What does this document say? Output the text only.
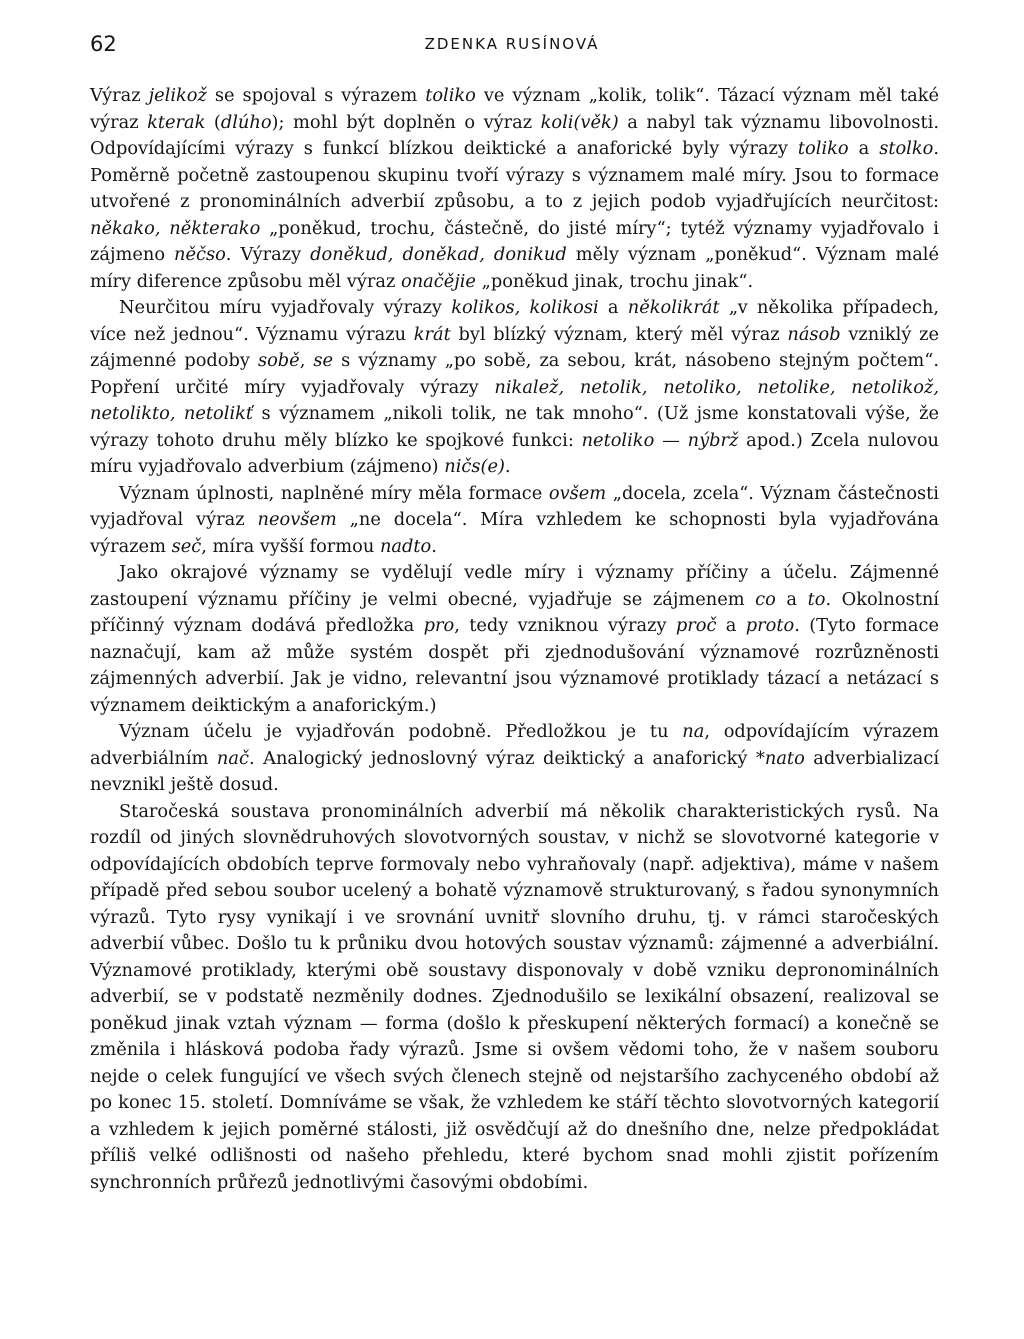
62	ZDENKA RUSÍNOVÁ

Výraz jelikož se spojoval s výrazem toliko ve význam „kolik, tolik“. Tázací význam měl také výraz kterak (dlúho); mohl být doplněn o výraz koli(věk) a nabyl tak významu libovolnosti. Odpovídajícími výrazy s funkcí blízkou deiktické a anaforické byly výrazy toliko a stolko. Poměrně početně zastoupenou skupinu tvoří výrazy s významem malé míry. Jsou to formace utvořené z pronominálních adverbií způsobu, a to z jejich podob vyjadřujících neurčitost: někako, některako „poněkud, trochu, částečně, do jisté míry“; tytéž významy vyjadřovalo i zájmeno něčso. Výrazy doněkud, doněkad, donikud měly význam „poněkud“. Význam malé míry diference způsobu měl výraz onačějie „poněkud jinak, trochu jinak“.

Neurčitou míru vyjadřovaly výrazy kolikos, kolikosi a několikrát „v několika případech, více než jednou“. Významu výrazu krát byl blízký význam, který měl výraz násob vzniklý ze zájmenné podoby sobě, se s významy „po sobě, za sebou, krát, násobeno stejným počtem“. Popření určité míry vyjadřovaly výrazy nikalež, netolik, netoliko, netolike, netolikož, netolikto, netolikť s významem „nikoli tolik, ne tak mnoho“. (Už jsme konstatovali výše, že výrazy tohoto druhu měly blízko ke spojkové funkci: netoliko — nýbrž apod.) Zcela nulovou míru vyjadřovalo adverbium (zájmeno) ničs(e).

Význam úplnosti, naplněné míry měla formace ovšem „docela, zcela“. Význam částečnosti vyjadřoval výraz neovšem „ne docela“. Míra vzhledem ke schopnosti byla vyjadřována výrazem seč, míra vyšší formou nadto.

Jako okrajové významy se vydělují vedle míry i významy příčiny a účelu. Zájmenné zastoupení významu příčiny je velmi obecné, vyjadřuje se zájmenem co a to. Okolnostní příčinný význam dodává předložka pro, tedy vzniknou výrazy proč a proto. (Tyto formace naznačují, kam až může systém dospět při zjednodušování významové rozrůzněnosti zájmenných adverbií. Jak je vidno, relevantní jsou významové protiklady tázací a netázací s významem deiktickým a anaforickým.)

Význam účelu je vyjadřován podobně. Předložkou je tu na, odpovídajícím výrazem adverbiálním nač. Analogický jednoslovný výraz deiktický a anaforický *nato adverbializací nevznikl ještě dosud.

Staročeská soustava pronominálních adverbií má několik charakteristických rysů. Na rozdíl od jiných slovnědruhových slovotvorných soustav, v nichž se slovotvorné kategorie v odpovídajících obdobích teprve formovaly nebo vyhraňovaly (např. adjektiva), máme v našem případě před sebou soubor ucelený a bohatě významově strukturovaný, s řadou synonymních výrazů. Tyto rysy vynikají i ve srovnání uvnitř slovního druhu, tj. v rámci staročeských adverbií vůbec. Došlo tu k průniku dvou hotových soustav významů: zájmenné a adverbiální. Významové protiklady, kterými obě soustavy disponovaly v době vzniku depronominálních adverbií, se v podstatě nezměnily dodnes. Zjednodušilo se lexikální obsazení, realizoval se poněkud jinak vztah význam — forma (došlo k přeskupení některých formací) a konečně se změnila i hlásková podoba řady výrazů. Jsme si ovšem vědomi toho, že v našem souboru nejde o celek fungující ve všech svých členech stejně od nejstaršího zachyceného období až po konec 15. století. Domníváme se však, že vzhledem ke stáří těchto slovotvorných kategorií a vzhledem k jejich poměrné stálosti, již osvědčují až do dnešního dne, nelze předpokládat příliš velké odlišnosti od našeho přehledu, které bychom snad mohli zjistit pořízením synchronních průřezů jednotlivými časovými obdobími.
